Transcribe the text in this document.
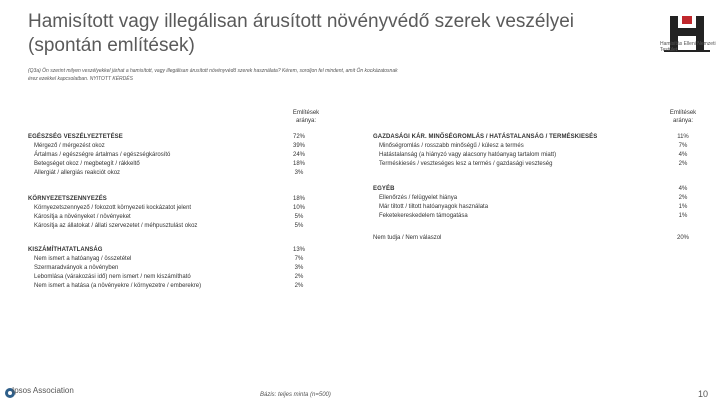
Hamisított vagy illegálisan árusított növényvédő szerek veszélyei (spontán említések)	Hamisítás Elleni Nemzeti Testület
(Q3a) Ön szerint milyen veszélyekkel járhat a hamisított, vagy illegálisan árusított növényvédő szerek használata? Kérem, soroljon fel mindent, amit Ön kockázatosnak érez ezekkel kapcsolatban. NYITOTT KÉRDÉS
Említések aránya:
Említések aránya:
EGÉSZSÉG VESZÉLYEZTETÉSE	72%
Mérgező / mérgezést okoz	39%
Ártalmas / egészségre ártalmas / egészségkárosító	24%
Betegséget okoz / megbetegít / rákkeltő	18%
Allergiát / allergiás reakciót okoz	3%
KÖRNYEZETSZENNYEZÉS	18%
Környezetszennyező / fokozott környezeti kockázatot jelent	10%
Károsítja a növényeket / növényeket	5%
Károsítja az állatokat / állati szervezetet / méhpusztulást okoz	5%
KISZÁMÍTHATATLANSÁG	13%
Nem ismert a hatóanyag / összetétel	7%
Szermaradványok a növényben	3%
Lebomlása (várakozási idő) nem ismert / nem kiszámítható	2%
Nem ismert a hatása (a növényekre / környezetre / emberekre)	2%
GAZDASÁGI KÁR. MINŐSÉGROMLÁS / HATÁSTALANSÁG / TERMÉSKIESÉS	11%
Minőségromlás / rosszabb minőségű / kúlesz a termés	7%
Hatástalanság (a hiányzó vagy alacsony hatóanyag tartalom miatt)	4%
Terméskiesés / veszteséges lesz a termés / gazdasági veszteség	2%
EGYÉB	4%
Ellenőrzés / felügyelet hiánya	2%
Már tiltott / tiltott hatóanyagok használata	1%
Feketekereskedelem támogatása	1%
Nem tudja / Nem válaszol	20%
Ipsos Association	Bázis: teljes minta (n=500)	10
